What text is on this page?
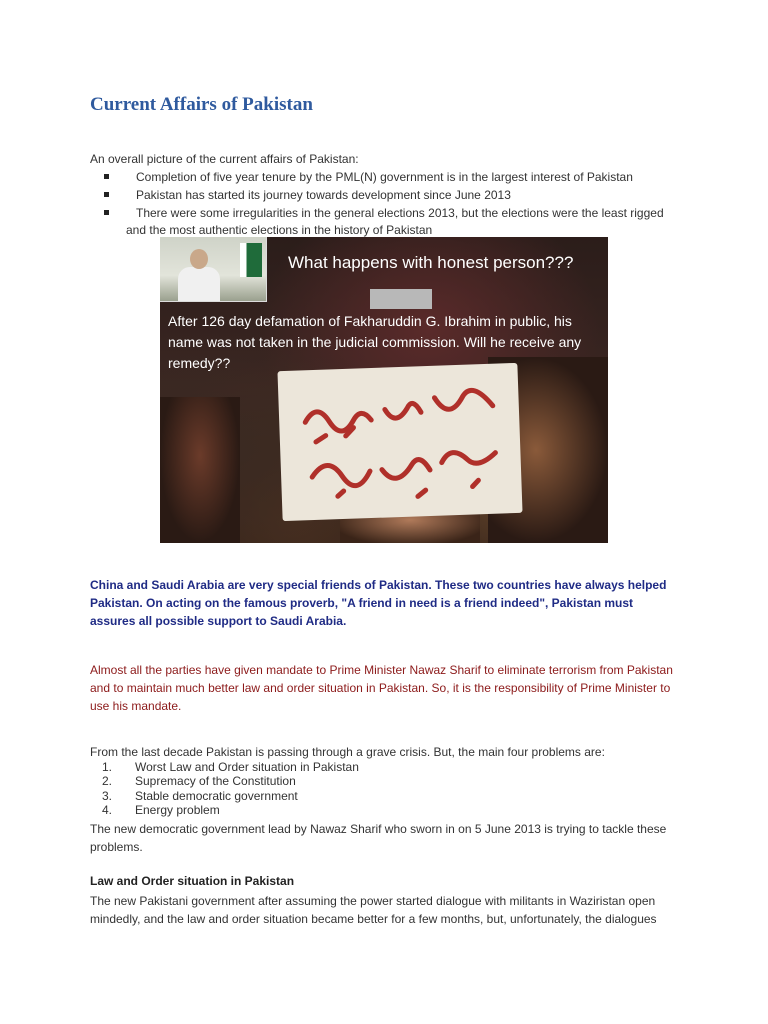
Current Affairs of Pakistan
An overall picture of the current affairs of Pakistan:
Completion of five year tenure by the PML(N) government is in the largest interest of Pakistan
Pakistan has started its journey towards development since June 2013
There were some irregularities in the general elections 2013, but the elections were the least rigged
and the most authentic elections in the history of Pakistan
What happens with honest person???
After 126 day defamation of Fakharuddin G. Ibrahim in public, his name was not taken in the judicial commission. Will he receive any remedy??

China and Saudi Arabia are very special friends of Pakistan. These two countries have always helped Pakistan. On acting on the famous proverb, "A friend in need is a friend indeed", Pakistan must assures all possible support to Saudi Arabia.

Almost all the parties have given mandate to Prime Minister Nawaz Sharif to eliminate terrorism from Pakistan and to maintain much better law and order situation in Pakistan. So, it is the responsibility of Prime Minister to use his mandate.

From the last decade Pakistan is passing through a grave crisis. But, the main four problems are:

1. Worst Law and Order situation in Pakistan
2. Supremacy of the Constitution
3. Stable democratic government
4. Energy problem

The new democratic government lead by Nawaz Sharif who sworn in on 5 June 2013 is trying to tackle these problems.

Law and Order situation in Pakistan

The new Pakistani government after assuming the power started dialogue with militants in Waziristan open mindedly, and the law and order situation became better for a few months, but, unfortunately, the dialogues
